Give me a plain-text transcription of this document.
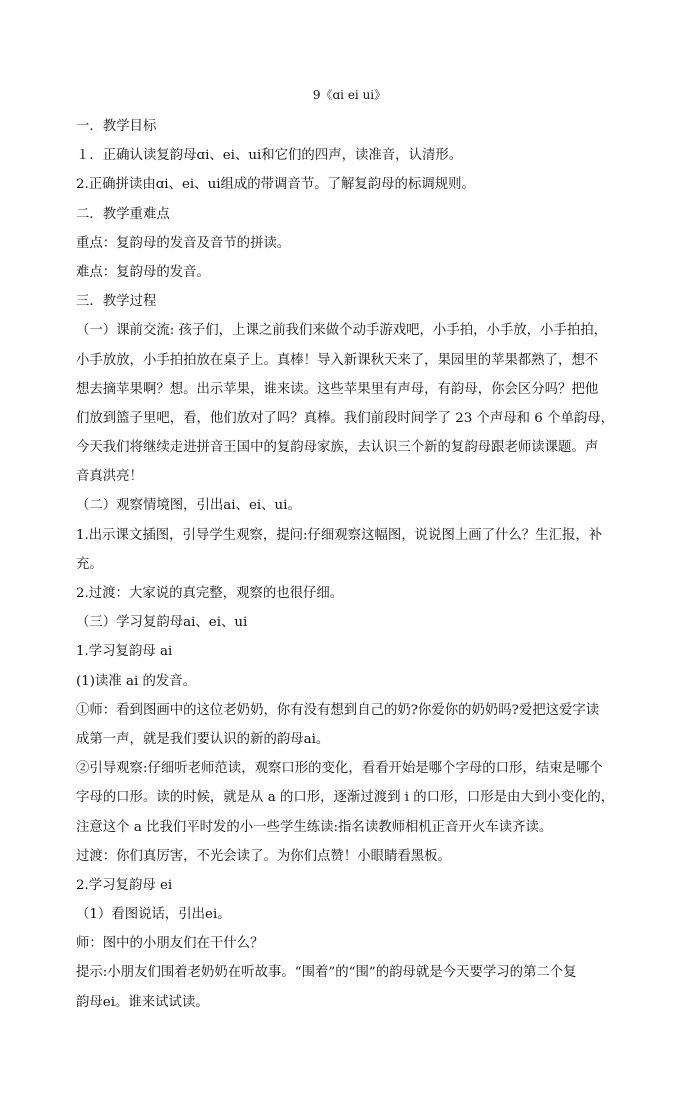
9《ɑi ei ui》
一．教学目标
１．正确认读复韵母ɑi、ei、ui和它们的四声，读准音，认清形。
2.正确拼读由ɑi、ei、ui组成的带调音节。了解复韵母的标调规则。
二．教学重难点
重点：复韵母的发音及音节的拼读。
难点：复韵母的发音。
三．教学过程
（一）课前交流: 孩子们，上课之前我们来做个动手游戏吧，小手拍，小手放，小手拍拍，
小手放放，小手拍拍放在桌子上。真棒！导入新课秋天来了，果园里的苹果都熟了，想不
想去摘苹果啊？想。出示苹果，谁来读。这些苹果里有声母，有韵母，你会区分吗？把他
们放到篮子里吧，看，他们放对了吗？真棒。我们前段时间学了 23 个声母和 6 个单韵母，
今天我们将继续走进拼音王国中的复韵母家族，去认识三个新的复韵母跟老师读课题。声
音真洪亮！
（二）观察情境图，引出ai、ei、ui。
1.出示课文插图，引导学生观察，提问:仔细观察这幅图，说说图上画了什么？生汇报，补
充。
2.过渡：大家说的真完整，观察的也很仔细。
（三）学习复韵母ai、ei、ui
1.学习复韵母 ai
(1)读准 ai 的发音。
①师：看到图画中的这位老奶奶，你有没有想到自己的奶?你爱你的奶奶吗?爱把这爱字读
成第一声，就是我们要认识的新的韵母ai。
②引导观察:仔细听老师范读，观察口形的变化，看看开始是哪个字母的口形，结束是哪个
字母的口形。读的时候，就是从 a 的口形，逐渐过渡到 i 的口形，口形是由大到小变化的，
注意这个 a 比我们平时发的小一些学生练读:指名读教师相机正音开火车读齐读。
过渡：你们真厉害，不光会读了。为你们点赞！小眼睛看黑板。
2.学习复韵母 ei
（1）看图说话，引出ei。
师：图中的小朋友们在干什么？
提示:小朋友们围着老奶奶在听故事。“围着”的“围”的韵母就是今天要学习的第二个复
韵母ei。谁来试试读。
